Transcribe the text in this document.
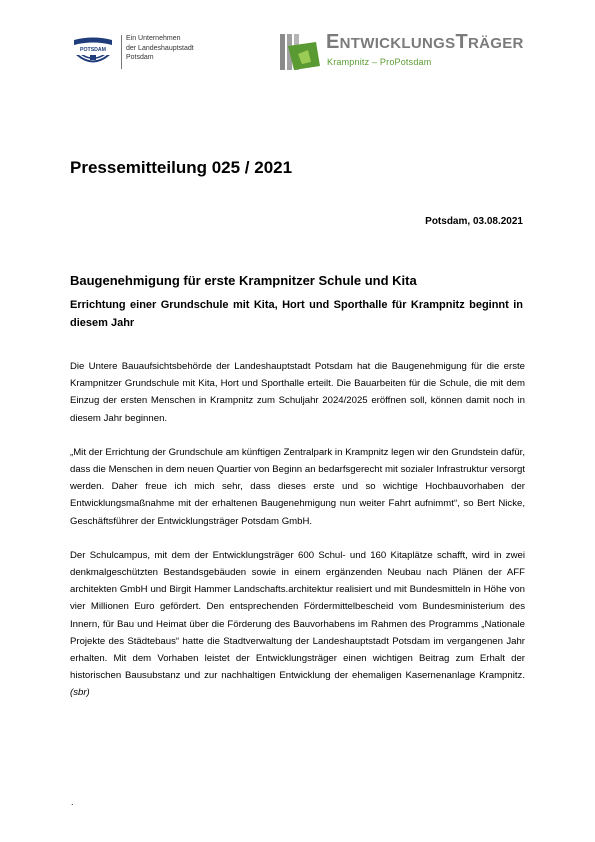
POTSDAM
Ein Unternehmen
der Landeshauptstadt
Potsdam
ENTWICKLUNGSTRÄGER
Krampnitz – ProPotsdam
Pressemitteilung 025 / 2021
Potsdam, 03.08.2021
Baugenehmigung für erste Krampnitzer Schule und Kita
Errichtung einer Grundschule mit Kita, Hort und Sporthalle für Krampnitz beginnt in diesem Jahr

Die Untere Bauaufsichtsbehörde der Landeshauptstadt Potsdam hat die Baugenehmigung für die erste Krampnitzer Grundschule mit Kita, Hort und Sporthalle erteilt. Die Bauarbeiten für die Schule, die mit dem Einzug der ersten Menschen in Krampnitz zum Schuljahr 2024/2025 eröffnen soll, können damit noch in diesem Jahr beginnen.

„Mit der Errichtung der Grundschule am künftigen Zentralpark in Krampnitz legen wir den Grundstein dafür, dass die Menschen in dem neuen Quartier von Beginn an bedarfsgerecht mit sozialer Infrastruktur versorgt werden. Daher freue ich mich sehr, dass dieses erste und so wichtige Hochbauvorhaben der Entwicklungsmaßnahme mit der erhaltenen Baugenehmigung nun weiter Fahrt aufnimmt“, so Bert Nicke, Geschäftsführer der Entwicklungsträger Potsdam GmbH.

Der Schulcampus, mit dem der Entwicklungsträger 600 Schul- und 160 Kitaplätze schafft, wird in zwei denkmalgeschützten Bestandsgebäuden sowie in einem ergänzenden Neubau nach Plänen der AFF architekten GmbH und Birgit Hammer Landschafts.architektur realisiert und mit Bundesmitteln in Höhe von vier Millionen Euro gefördert. Den entsprechenden Fördermittelbescheid vom Bundesministerium des Innern, für Bau und Heimat über die Förderung des Bauvorhabens im Rahmen des Programms „Nationale Projekte des Städtebaus“ hatte die Stadtverwaltung der Landeshauptstadt Potsdam im vergangenen Jahr erhalten. Mit dem Vorhaben leistet der Entwicklungsträger einen wichtigen Beitrag zum Erhalt der historischen Bausubstanz und zur nachhaltigen Entwicklung der ehemaligen Kasernenanlage Krampnitz. (sbr)

.
